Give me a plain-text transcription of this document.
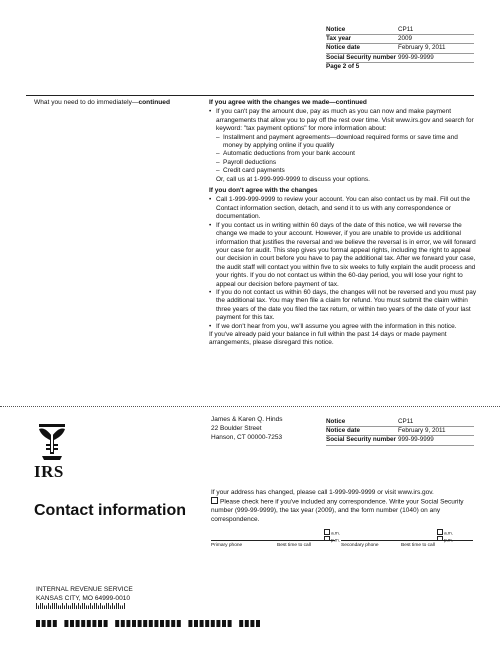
Notice	CP11
Tax year	2009
Notice date	February 9, 2011
Social Security number 999-99-9999
Page 2 of 5
What you need to do immediately—continued	If you agree with the changes we made—continued
• If you can't pay the amount due, pay as much as you can now and make payment arrangements that allow you to pay off the rest over time. Visit www.irs.gov and search for keyword: "tax payment options" for more information about:
– Installment and payment agreements—download required forms or save time and money by applying online if you qualify
– Automatic deductions from your bank account
– Payroll deductions
– Credit card payments

Or, call us at 1-999-999-9999 to discuss your options.

If you don't agree with the changes
• Call 1-999-999-9999 to review your account. You can also contact us by mail. Fill out the Contact information section, detach, and send it to us with any correspondence or documentation.
• If you contact us in writing within 60 days of the date of this notice, we will reverse the change we made to your account. However, if you are unable to provide us additional information that justifies the reversal and we believe the reversal is in error, we will forward your case for audit. This step gives you formal appeal rights, including the right to appeal our decision in court before you have to pay the additional tax. After we forward your case, the audit staff will contact you within five to six weeks to fully explain the audit process and your rights. If you do not contact us within the 60-day period, you will lose your right to appeal our decision before payment of tax.
• If you do not contact us within 60 days, the changes will not be reversed and you must pay the additional tax. You may then file a claim for refund. You must submit the claim within three years of the date you filed the tax return, or within two years of the date of your last payment for this tax.
• If we don't hear from you, we'll assume you agree with the information in this notice.

If you've already paid your balance in full within the past 14 days or made payment arrangements, please disregard this notice.

IRS
Contact information
James & Karen Q. Hinds
22 Boulder Street
Hanson, CT 00000-7253
Notice	CP11
Notice date	February 9, 2011
Social Security number 999-99-9999
If your address has changed, please call 1-999-999-9999 or visit www.irs.gov.
Please check here if you've included any correspondence. Write your Social Security number (999-99-9999), the tax year (2009), and the form number (1040) on any correspondence.
a.m.
p.m.
a.m.
p.m.
Primary phone	Best time to call	Secondary phone	Best time to call
INTERNAL REVENUE SERVICE
KANSAS CITY, MO 64999-0010
